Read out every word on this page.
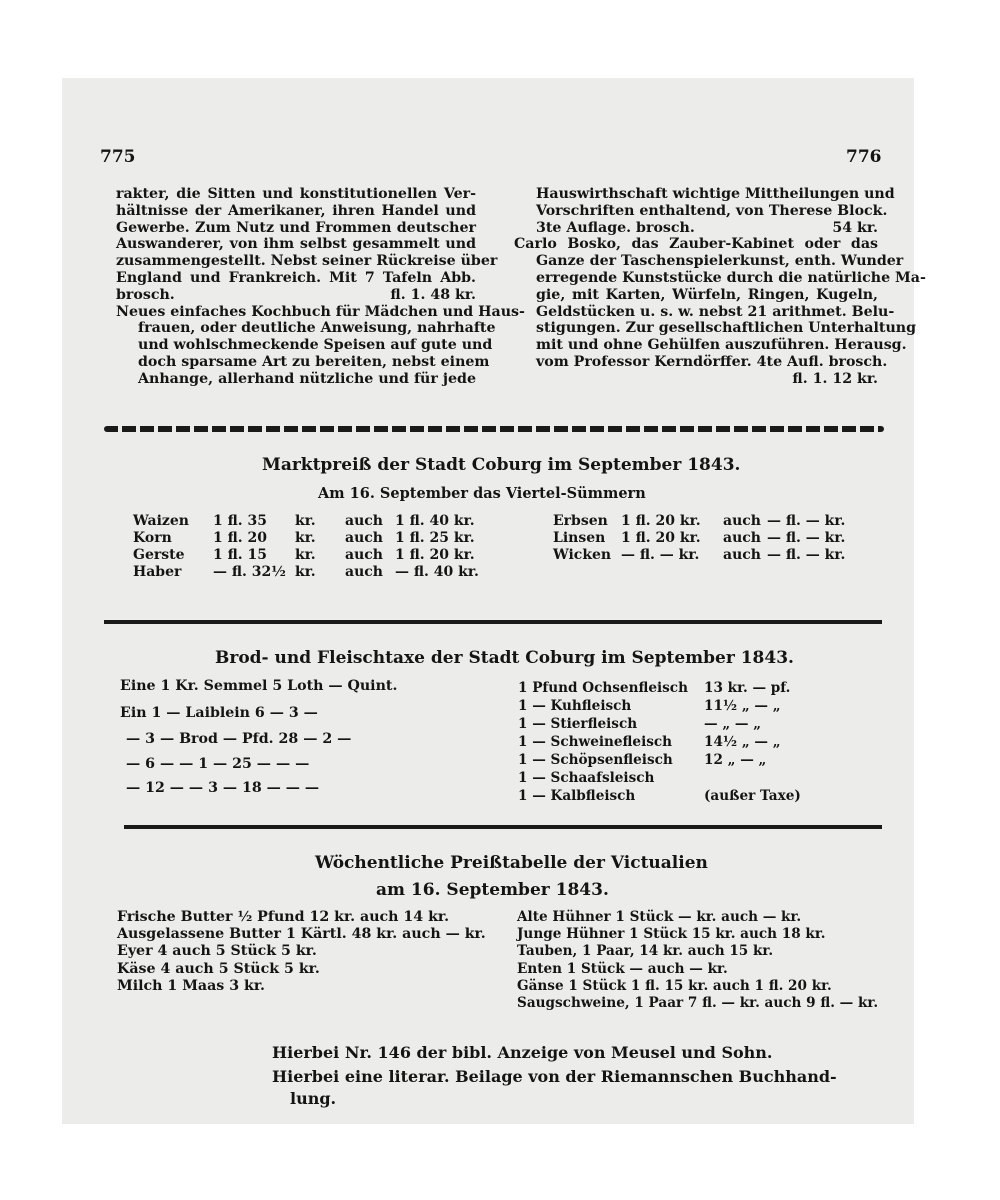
775	776
rakter, die Sitten und konstitutionellen Ver-
hältnisse der Amerikaner, ihren Handel und
Gewerbe. Zum Nutz und Frommen deutscher
Auswanderer, von ihm selbst gesammelt und
zusammengestellt. Nebst seiner Rückreise über
England und Frankreich. Mit 7 Tafeln Abb.
brosch.	fl. 1. 48 kr.
Neues einfaches Kochbuch für Mädchen und Haus-
frauen, oder deutliche Anweisung, nahrhafte
und wohlschmeckende Speisen auf gute und
doch sparsame Art zu bereiten, nebst einem
Anhange, allerhand nützliche und für jede
Hauswirthschaft wichtige Mittheilungen und
Vorschriften enthaltend, von Therese Block.
3te Auflage. brosch.	54 kr.
Carlo Bosko, das Zauber-Kabinet oder das
Ganze der Taschenspielerkunst, enth. Wunder
erregende Kunststücke durch die natürliche Ma-
gie, mit Karten, Würfeln, Ringen, Kugeln,
Geldstücken u. s. w. nebst 21 arithmet. Belu-
stigungen. Zur gesellschaftlichen Unterhaltung
mit und ohne Gehülfen auszuführen. Herausg.
vom Professor Kerndörffer. 4te Aufl. brosch.
fl. 1. 12 kr.
Marktpreiß der Stadt Coburg im September 1843.
Am 16. September das Viertel-Sümmern
Waizen 1 fl. 35 kr. auch 1 fl. 40 kr.
Korn	1 fl. 20 kr. auch 1 fl. 25 kr.
Gerste 1 fl. 15 kr. auch 1 fl. 20 kr.
Haber — fl. 32½ kr. auch — fl. 40 kr.
Erbsen 1 fl. 20 kr. auch — fl. — kr.
Linsen 1 fl. 20 kr. auch — fl. — kr.
Wicken — fl. — kr. auch — fl. — kr.
Brod- und Fleischtaxe der Stadt Coburg im September 1843.
Eine 1 Kr. Semmel 5 Loth — Quint.
Ein 1 — Laiblein 6 — 3 —
— 3 — Brod — Pfd. 28 — 2 —
— 6 — — 1 — 25 — — —
— 12 — — 3 — 18 — — —
1 Pfund Ochsenfleisch 13 kr. — pf.
1 — Kuhfleisch	11½ „ — „
1 — Stierfleisch	— „ — „
1 — Schweinefleisch 14½ „ — „
1 — Schöpsenfleisch 12 „ — „
1 — Schaafsleisch
1 — Kalbfleisch	(außer Taxe)
Wöchentliche Preißtabelle der Victualien
am 16. September 1843.
Frische Butter ½ Pfund 12 kr. auch 14 kr.
Ausgelassene Butter 1 Kärtl. 48 kr. auch — kr.
Eyer 4 auch 5 Stück 5 kr.
Käse 4 auch 5 Stück 5 kr.
Milch 1 Maas 3 kr.
Alte Hühner 1 Stück — kr. auch — kr.
Junge Hühner 1 Stück 15 kr. auch 18 kr.
Tauben, 1 Paar, 14 kr. auch 15 kr.
Enten 1 Stück — auch — kr.
Gänse 1 Stück 1 fl. 15 kr. auch 1 fl. 20 kr.
Saugschweine, 1 Paar 7 fl. — kr. auch 9 fl. — kr.
Hierbei Nr. 146 der bibl. Anzeige von Meusel und Sohn.
Hierbei eine literar. Beilage von der Riemannschen Buchhand-
lung.
